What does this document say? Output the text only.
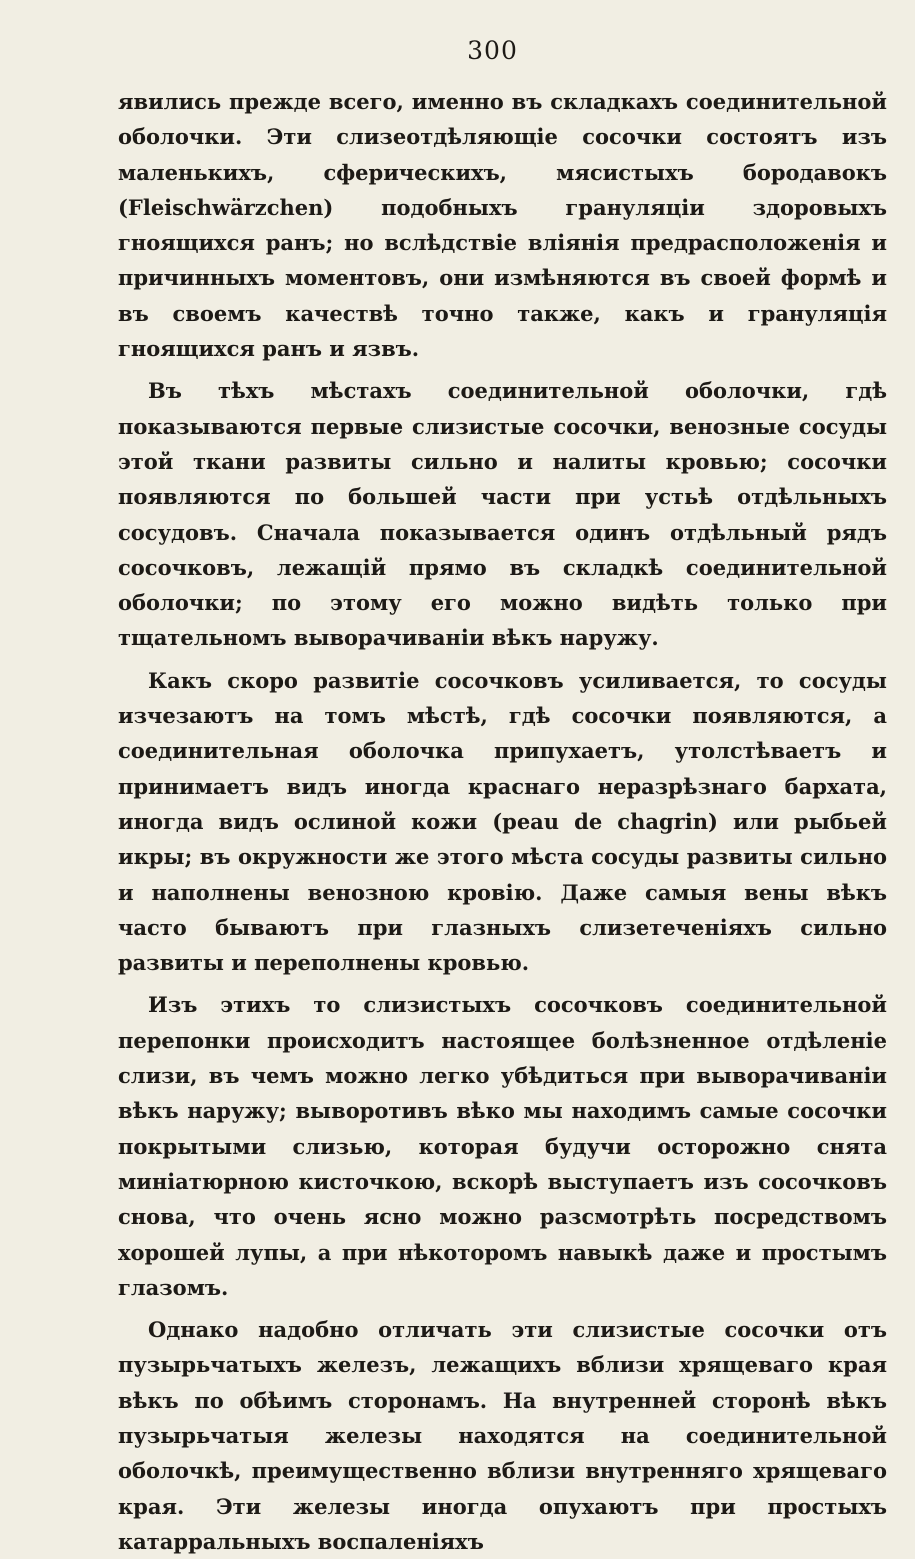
300

явились прежде всего, именно въ складкахъ соединительной оболочки. Эти слизеотдѣляющіе сосочки состоятъ изъ маленькихъ, сферическихъ, мясистыхъ бородавокъ (Fleischwärzchen) подобныхъ грануляціи здоровыхъ гноящихся ранъ; но вслѣдствіе вліянія предрасположенія и причинныхъ моментовъ, они измѣняются въ своей формѣ и въ своемъ качествѣ точно также, какъ и грануляція гноящихся ранъ и язвъ.

Въ тѣхъ мѣстахъ соединительной оболочки, гдѣ показываются первые слизистые сосочки, венозные сосуды этой ткани развиты сильно и налиты кровью; сосочки появляются по большей части при устьѣ отдѣльныхъ сосудовъ. Сначала показывается одинъ отдѣльный рядъ сосочковъ, лежащій прямо въ складкѣ соединительной оболочки; по этому его можно видѣть только при тщательномъ выворачиваніи вѣкъ наружу.

Какъ скоро развитіе сосочковъ усиливается, то сосуды изчезаютъ на томъ мѣстѣ, гдѣ сосочки появляются, а соединительная оболочка припухаетъ, утолстѣваетъ и принимаетъ видъ иногда краснаго неразрѣзнаго бархата, иногда видъ ослиной кожи (peau de chagrin) или рыбьей икры; въ окружности же этого мѣста сосуды развиты сильно и наполнены венозною кровію. Даже самыя вены вѣкъ часто бываютъ при глазныхъ слизетеченіяхъ сильно развиты и переполнены кровью.

Изъ этихъ то слизистыхъ сосочковъ соединительной перепонки происходитъ настоящее болѣзненное отдѣленіе слизи, въ чемъ можно легко убѣдиться при выворачиваніи вѣкъ наружу; выворотивъ вѣко мы находимъ самые сосочки покрытыми слизью, которая будучи осторожно снята миніатюрною кисточкою, вскорѣ выступаетъ изъ сосочковъ снова, что очень ясно можно разсмотрѣть посредствомъ хорошей лупы, а при нѣкоторомъ навыкѣ даже и простымъ глазомъ.

Однако надобно отличать эти слизистые сосочки отъ пузырьчатыхъ железъ, лежащихъ вблизи хрящеваго края вѣкъ по обѣимъ сторонамъ. На внутренней сторонѣ вѣкъ пузырьчатыя железы находятся на соединительной оболочкѣ, преимущественно вблизи внутренняго хрящеваго края. Эти железы иногда опухаютъ при простыхъ катарральныхъ воспаленіяхъ
